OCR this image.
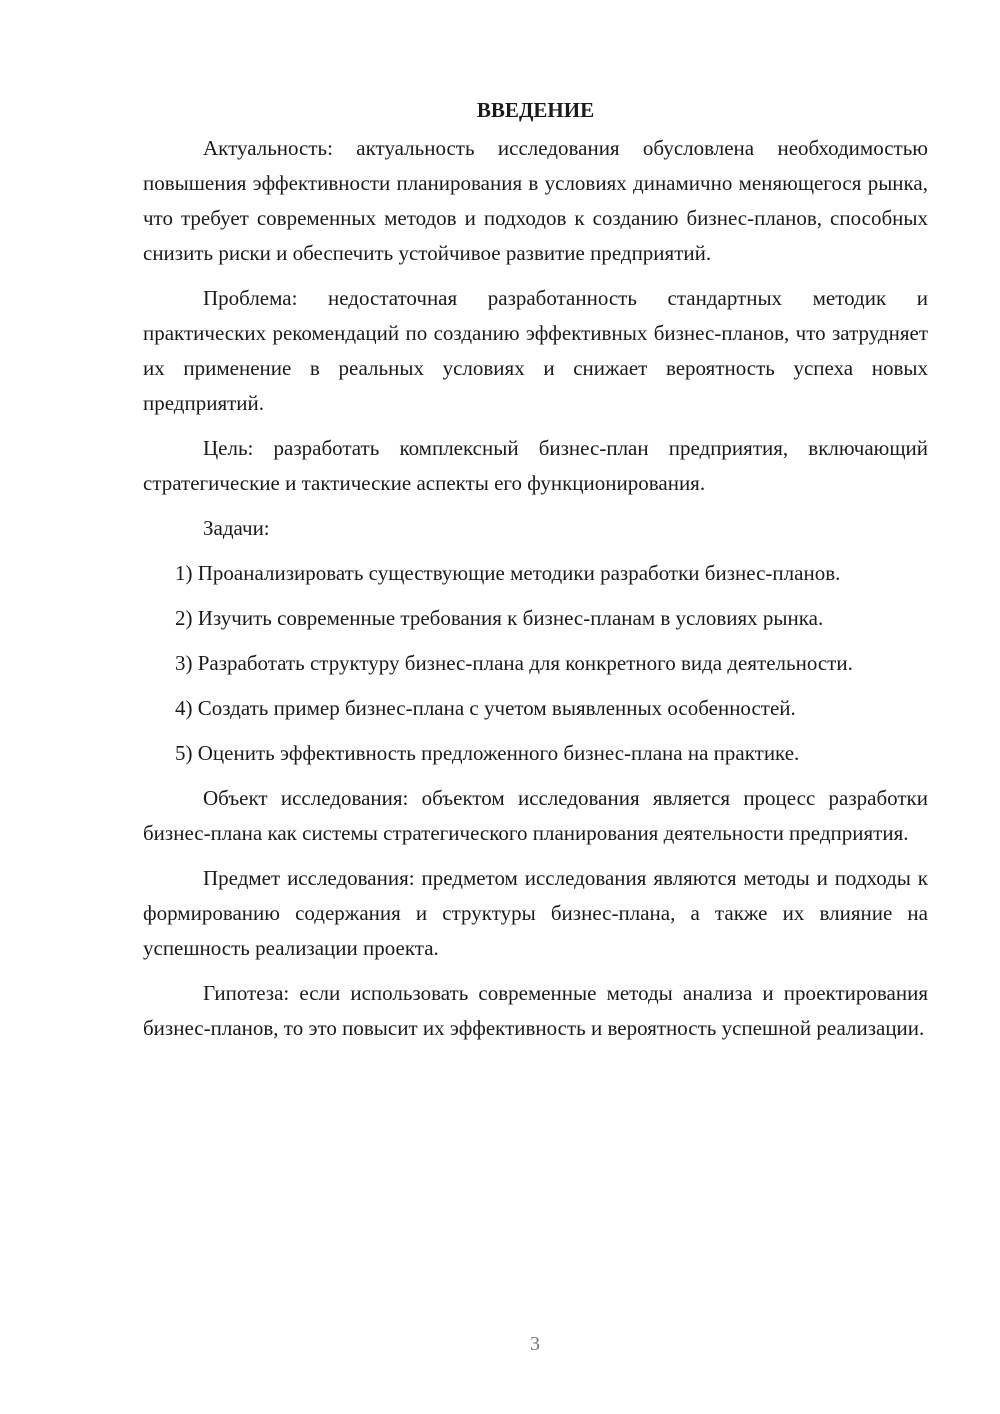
ВВЕДЕНИЕ

Актуальность: актуальность исследования обусловлена необходимостью повышения эффективности планирования в условиях динамично меняющегося рынка, что требует современных методов и подходов к созданию бизнес-планов, способных снизить риски и обеспечить устойчивое развитие предприятий.

Проблема: недостаточная разработанность стандартных методик и практических рекомендаций по созданию эффективных бизнес-планов, что затрудняет их применение в реальных условиях и снижает вероятность успеха новых предприятий.

Цель: разработать комплексный бизнес-план предприятия, включающий стратегические и тактические аспекты его функционирования.

Задачи:

1) Проанализировать существующие методики разработки бизнес-планов.

2) Изучить современные требования к бизнес-планам в условиях рынка.

3) Разработать структуру бизнес-плана для конкретного вида деятельности.

4) Создать пример бизнес-плана с учетом выявленных особенностей.

5) Оценить эффективность предложенного бизнес-плана на практике.

Объект исследования: объектом исследования является процесс разработки бизнес-плана как системы стратегического планирования деятельности предприятия.

Предмет исследования: предметом исследования являются методы и подходы к формированию содержания и структуры бизнес-плана, а также их влияние на успешность реализации проекта.

Гипотеза: если использовать современные методы анализа и проектирования бизнес-планов, то это повысит их эффективность и вероятность успешной реализации.

3
